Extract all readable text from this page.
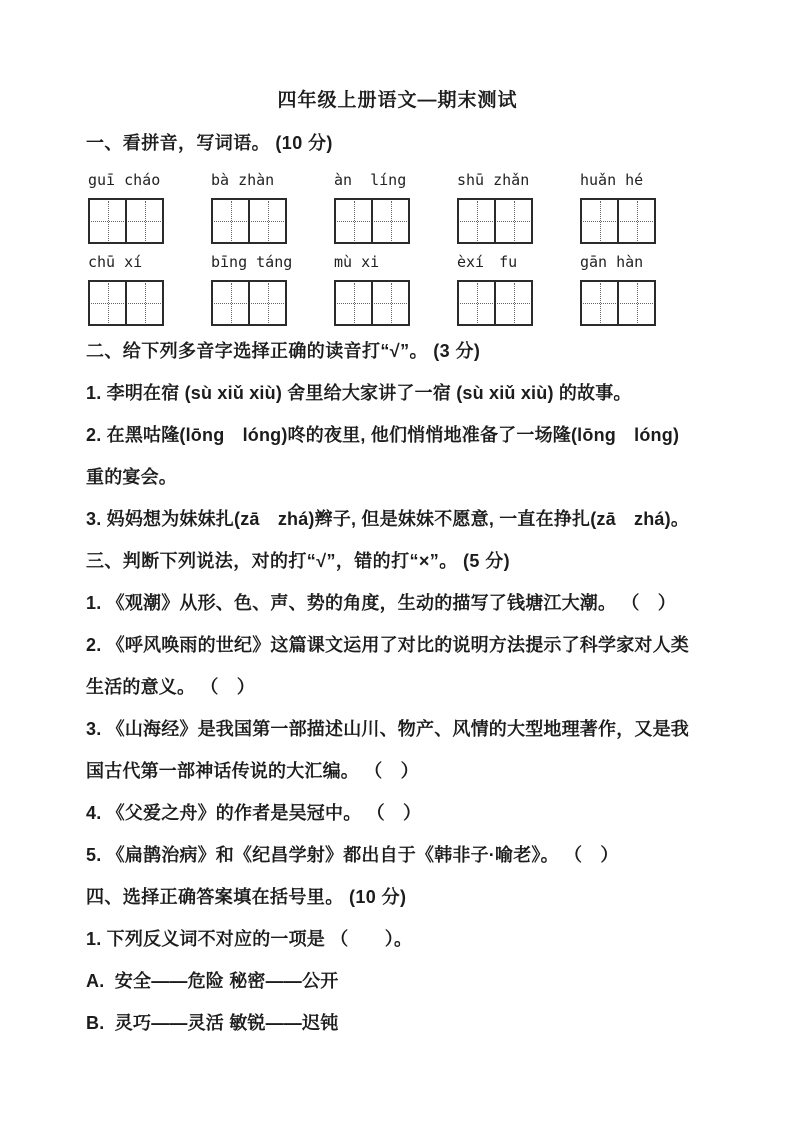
四年级上册语文—期末测试
一、看拼音，写词语。 (10 分)
guī cháo	bà zhàn	àn  líng	shū zhǎn	huǎn hé
chū xí	bīng táng	mù xi	èxí　fu	gān hàn
二、给下列多音字选择正确的读音打“√”。 (3 分)
1. 李明在宿 (sù xiǔ xiù) 舍里给大家讲了一宿 (sù xiǔ xiù) 的故事。
2. 在黑咕隆(lōng　lóng)咚的夜里, 他们悄悄地准备了一场隆(lōng　lóng)
重的宴会。
3. 妈妈想为妹妹扎(zā　zhá)辫子, 但是妹妹不愿意, 一直在挣扎(zā　zhá)。
三、判断下列说法，对的打“√”，错的打“×”。 (5 分)
1. 《观潮》从形、色、声、势的角度，生动的描写了钱塘江大潮。 （　）
2. 《呼风唤雨的世纪》这篇课文运用了对比的说明方法提示了科学家对人类
生活的意义。 （　）
3. 《山海经》是我国第一部描述山川、物产、风情的大型地理著作，又是我
国古代第一部神话传说的大汇编。 （　）
4. 《父爱之舟》的作者是吴冠中。 （　）
5. 《扁鹊治病》和《纪昌学射》都出自于《韩非子·喻老》。 （　）
四、选择正确答案填在括号里。 (10 分)
1. 下列反义词不对应的一项是 （　　）。
A.  安全——危险 秘密——公开
B.  灵巧——灵活 敏锐——迟钝
